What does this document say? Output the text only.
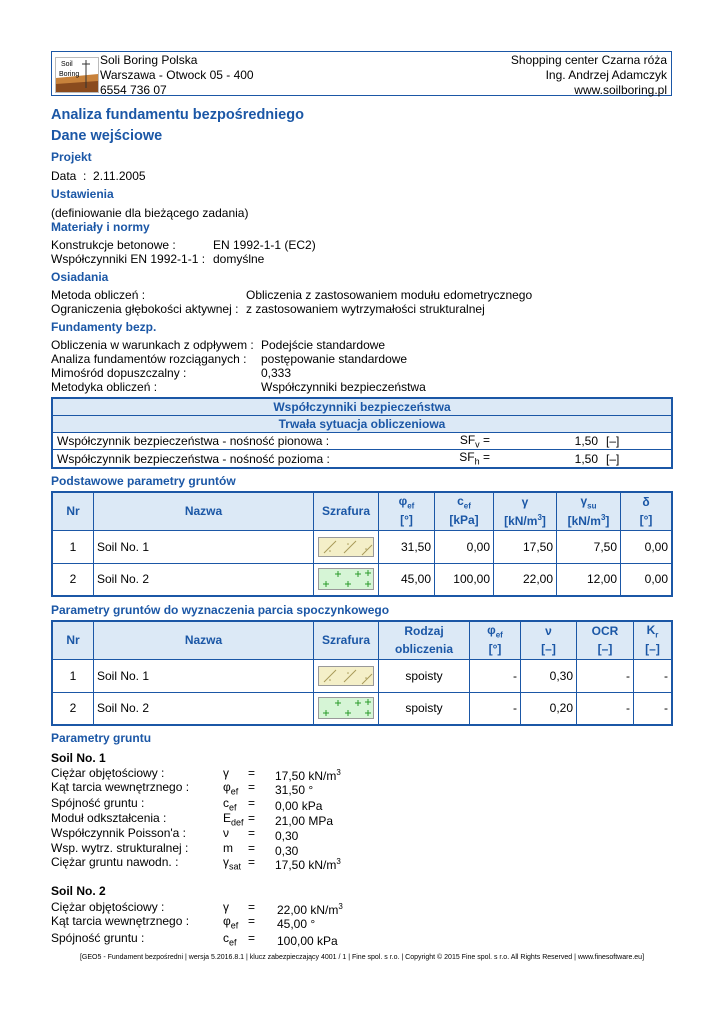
Soil
Boring
Soli Boring Polska
Warszawa - Otwock 05 - 400
6554 736 07
Shopping center Czarna róża
Ing. Andrzej Adamczyk
www.soilboring.pl
Analiza fundamentu bezpośredniego
Dane wejściowe
Projekt
Data : 2.11.2005
Ustawienia
(definiowanie dla bieżącego zadania)
Materiały i normy
Konstrukcje betonowe :	EN 1992-1-1 (EC2)
Współczynniki EN 1992-1-1 : domyślne
Osiadania
Metoda obliczeń :	Obliczenia z zastosowaniem modułu edometrycznego
Ograniczenia głębokości aktywnej : z zastosowaniem wytrzymałości strukturalnej
Fundamenty bezp.
Obliczenia w warunkach z odpływem : Podejście standardowe
Analiza fundamentów rozciąganych : postępowanie standardowe
Mimośród dopuszczalny :	0,333
Metodyka obliczeń :	Współczynniki bezpieczeństwa
Współczynniki bezpieczeństwa			
Trwała sytuacja obliczeniowa			
Współczynnik bezpieczeństwa - nośność pionowa :	$SF_v$ =	1,50	[–]
Współczynnik bezpieczeństwa - nośność pozioma :	$SF_h$ =	1,50	[–]
Podstawowe parametry gruntów
Nr	Nazwa	Szrafura	$\varphi_{ef}$	$c_{ef}$	γ	$\gamma_{su}$	δ
			[°]	[kPa]	$[kN/m^3]$	$[kN/m^3]$	[°]
1	Soil No. 1		31,50	0,00	17,50	7,50	0,00
2	Soil No. 2		45,00	100,00	22,00	12,00	0,00
Parametry gruntów do wyznaczenia parcia spoczynkowego
Nr	Nazwa	Szrafura	Rodzaj	$\varphi_{ef}$	ν	OCR	$K_r$
			obliczenia	[°]	[–]	[–]	[–]
1	Soil No. 1		spoisty	-	0,30	-	-
2	Soil No. 2		spoisty	-	0,20	-	-
Parametry gruntu
Soil No. 1
Ciężar objętościowy :	γ = 17,50 $kN/m^3$
Kąt tarcia wewnętrznego :	$\varphi_{ef} = 31,50$ °
Spójność gruntu :	$c_{ef} = 0,00$ kPa
Moduł odkształcenia :	$E_{def} = 21,00$ MPa
Współczynnik Poisson'a :	ν = 0,30
Wsp. wytrz. strukturalnej :	m = 0,30
Ciężar gruntu nawodn. :	$\gamma_{sat} = 17,50$ $kN/m^3$
Soil No. 2
Ciężar objętościowy :	γ = 22,00 $kN/m^3$
Kąt tarcia wewnętrznego :	$\varphi_{ef} = 45,00$ °
Spójność gruntu :	$c_{ef} = 100,00$ kPa
[GEO5 - Fundament bezpośredni | wersja 5.2016.8.1 | klucz zabezpieczający 4001 / 1 | Fine spol. s r.o. | Copyright © 2015 Fine spol. s r.o. All Rights Reserved | www.finesoftware.eu]
